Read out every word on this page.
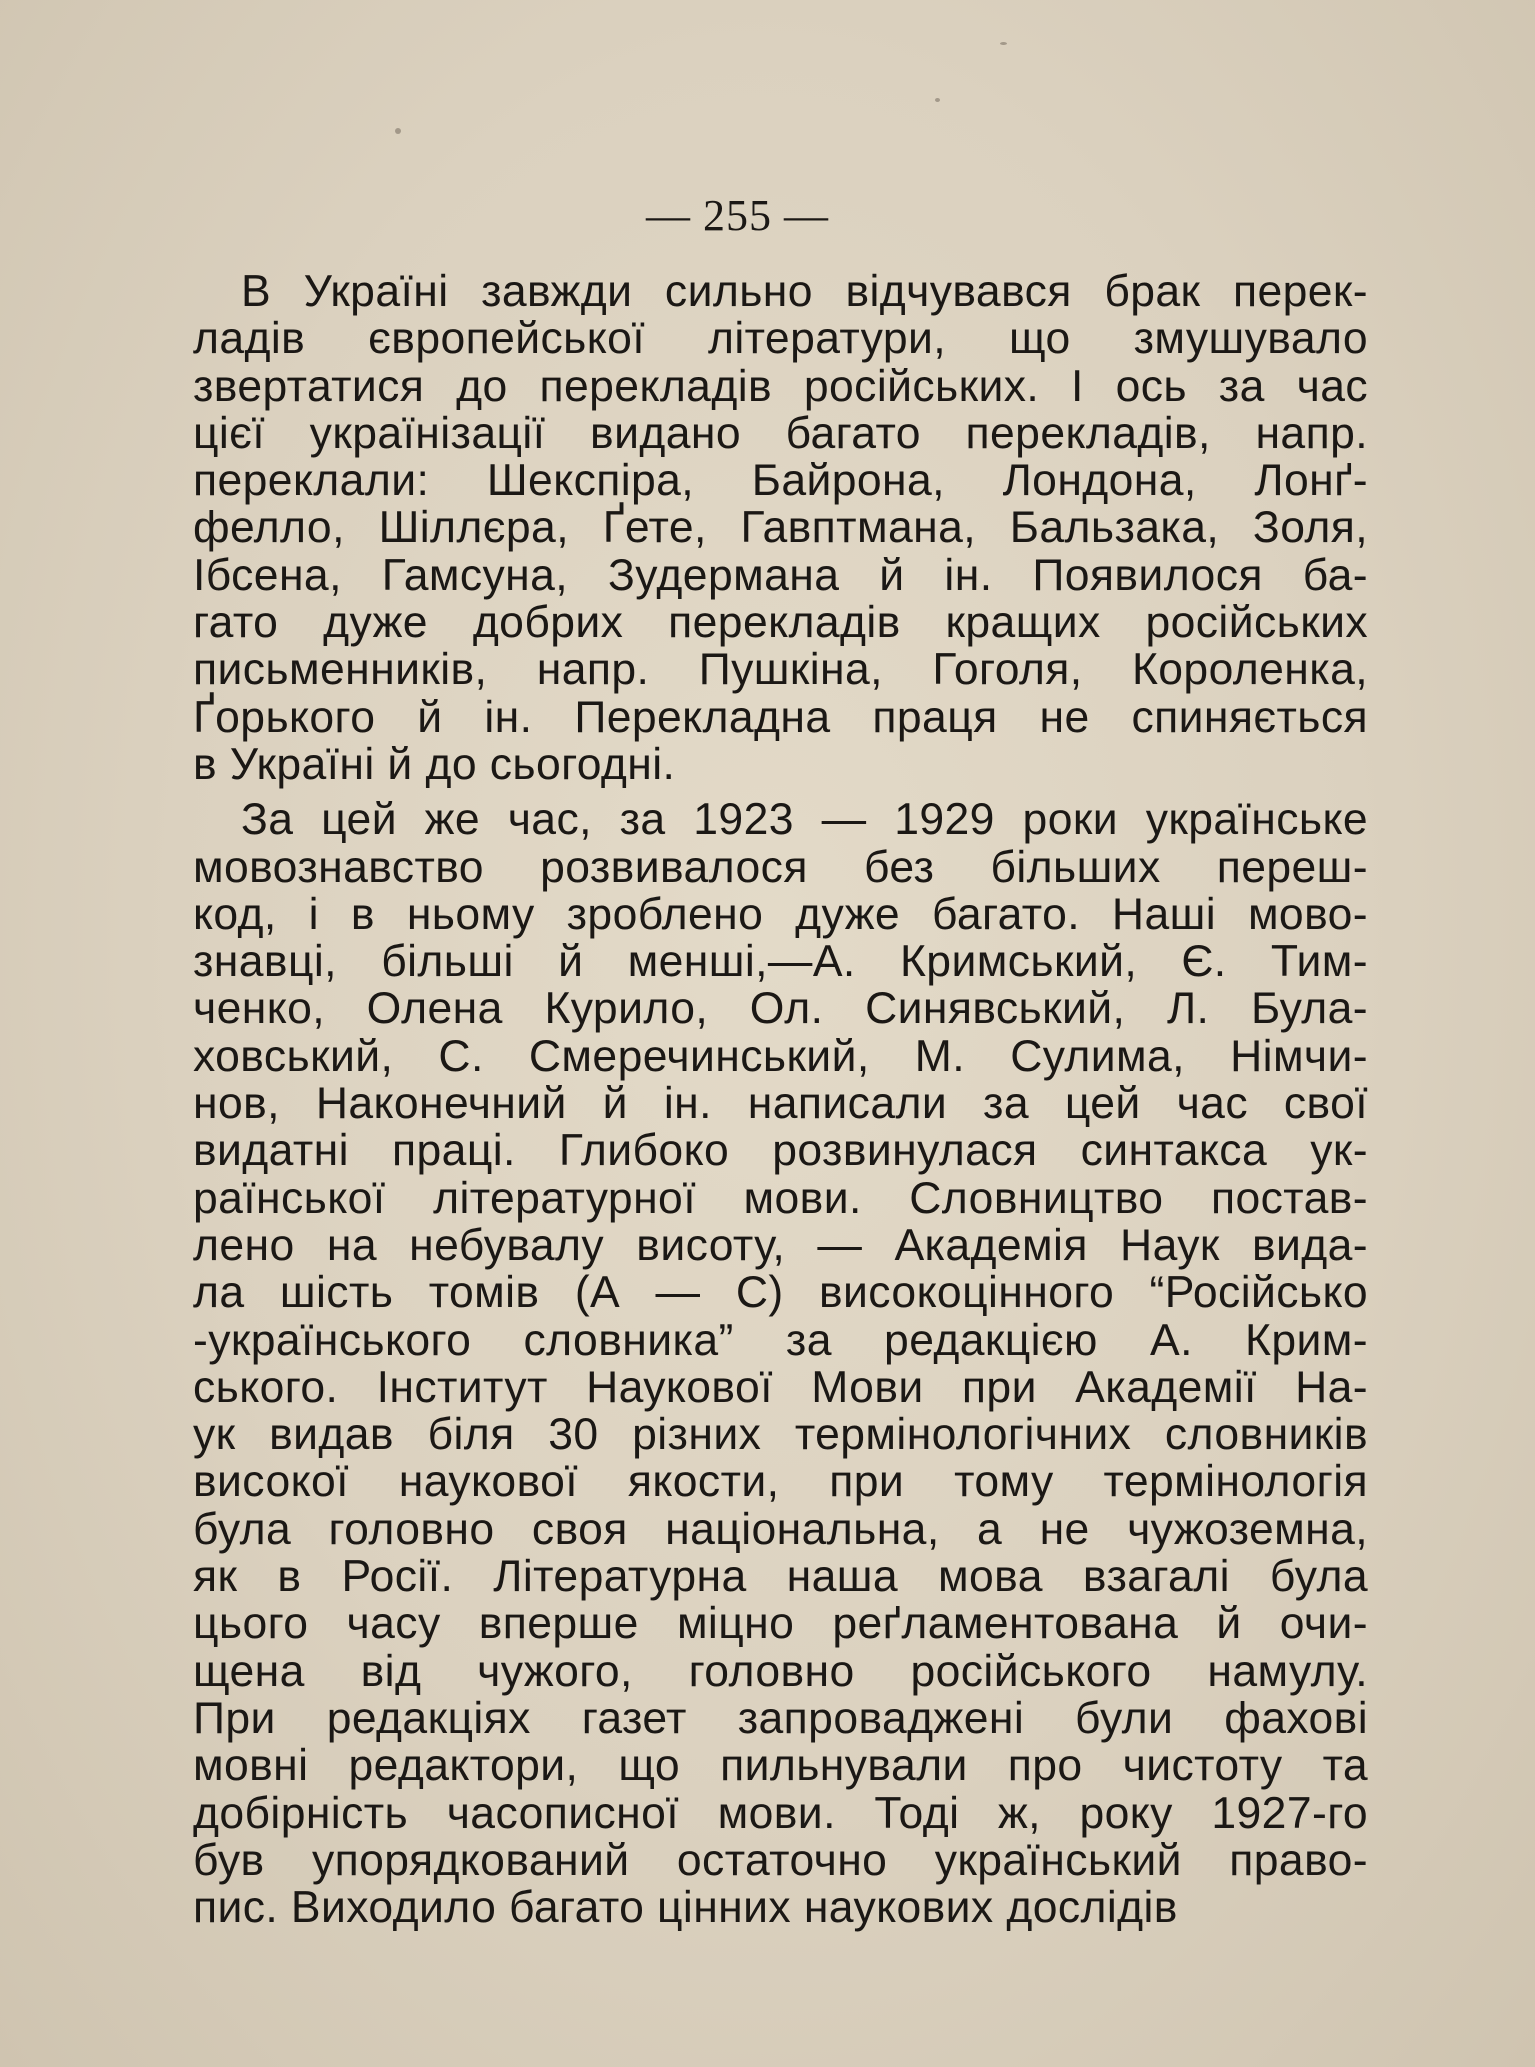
— 255 —
В Україні завжди сильно відчувався брак перек-
ладів європейської літератури, що змушувало
звертатися до перекладів російських. І ось за час
цієї українізації видано багато перекладів, напр.
переклали: Шекспіра, Байрона, Лондона, Лонґ-
фелло, Шіллєра, Ґете, Гавптмана, Бальзака, Золя,
Ібсена, Гамсуна, Зудермана й ін. Появилося ба-
гато дуже добрих перекладів кращих російських
письменників, напр. Пушкіна, Гоголя, Короленка,
Ґорького й ін. Перекладна праця не спиняється
в Україні й до сьогодні.
За цей же час, за 1923 — 1929 роки українське
мовознавство розвивалося без більших переш-
код, і в ньому зроблено дуже багато. Наші мово-
знавці, більші й менші,—А. Кримський, Є. Тим-
ченко, Олена Курило, Ол. Синявський, Л. Була-
ховський, С. Смеречинський, М. Сулима, Німчи-
нов, Наконечний й ін. написали за цей час свої
видатні праці. Глибоко розвинулася синтакса ук-
раїнської літературної мови. Словництво постав-
лено на небувалу висоту, — Академія Наук вида-
ла шість томів (А — С) високоцінного “Російсько
-українського словника” за редакцією А. Крим-
ського. Інститут Наукової Мови при Академії На-
ук видав біля 30 різних термінологічних словників
високої наукової якости, при тому термінологія
була головно своя національна, а не чужоземна,
як в Росії. Літературна наша мова взагалі була
цього часу вперше міцно реґламентована й очи-
щена від чужого, головно російського намулу.
При редакціях газет запроваджені були фахові
мовні редактори, що пильнували про чистоту та
добірність часописної мови. Тоді ж, року 1927-го
був упорядкований остаточно український право-
пис. Виходило багато цінних наукових дослідів
